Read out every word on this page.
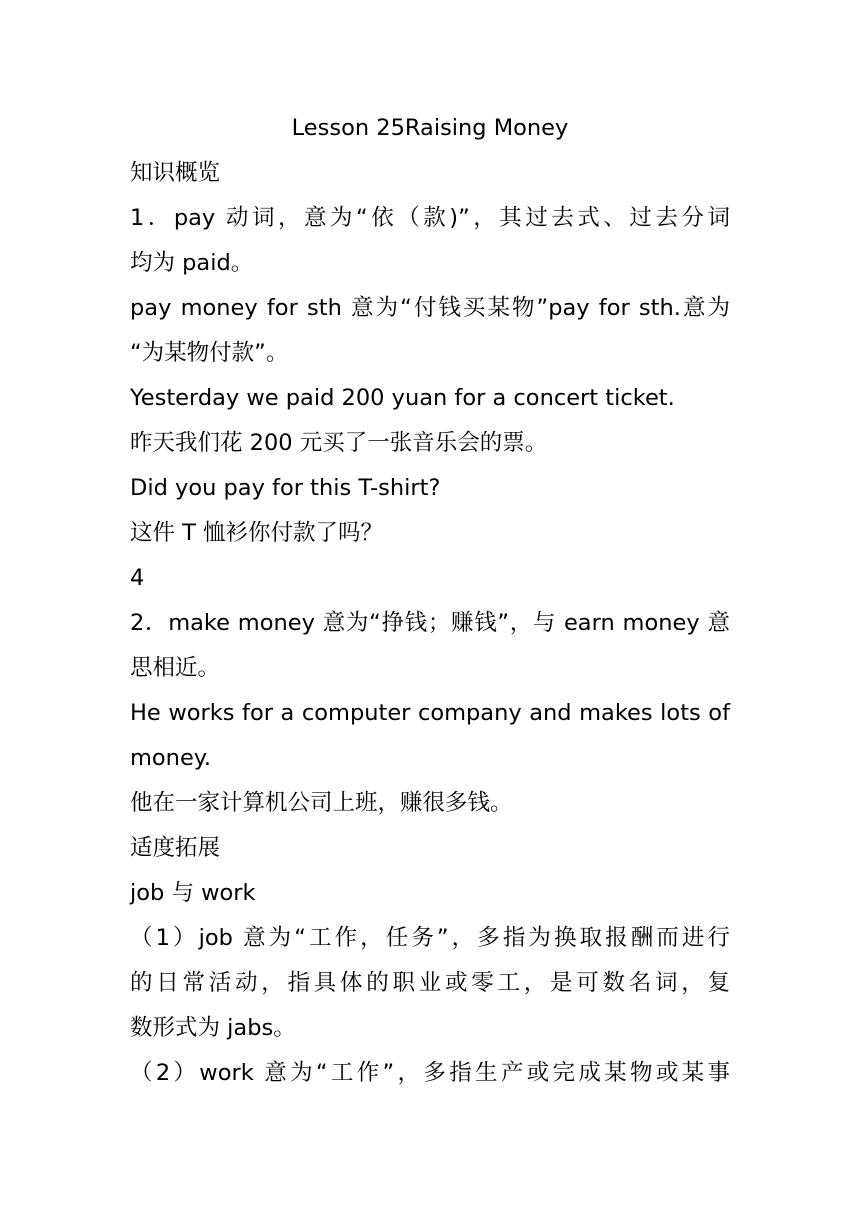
Lesson 25Raising Money
知识概览
1．pay 动词，意为“依（款)”，其过去式、过去分词
均为 paid。
pay money for sth 意为“付钱买某物”pay for sth.意为
“为某物付款”。
Yesterday we paid 200 yuan for a concert ticket.
昨天我们花 200 元买了一张音乐会的票。
Did you pay for this T-shirt?
这件 T 恤衫你付款了吗？
4
2．make money 意为“挣钱；赚钱”，与 earn money 意
思相近。
He works for a computer company and makes lots of
money.
他在一家计算机公司上班，赚很多钱。
适度拓展
job 与 work
（1）job 意为“工作，任务”，多指为换取报酬而进行
的日常活动，指具体的职业或零工，是可数名词，复
数形式为 jabs。
（2）work 意为“工作”，多指生产或完成某物或某事
